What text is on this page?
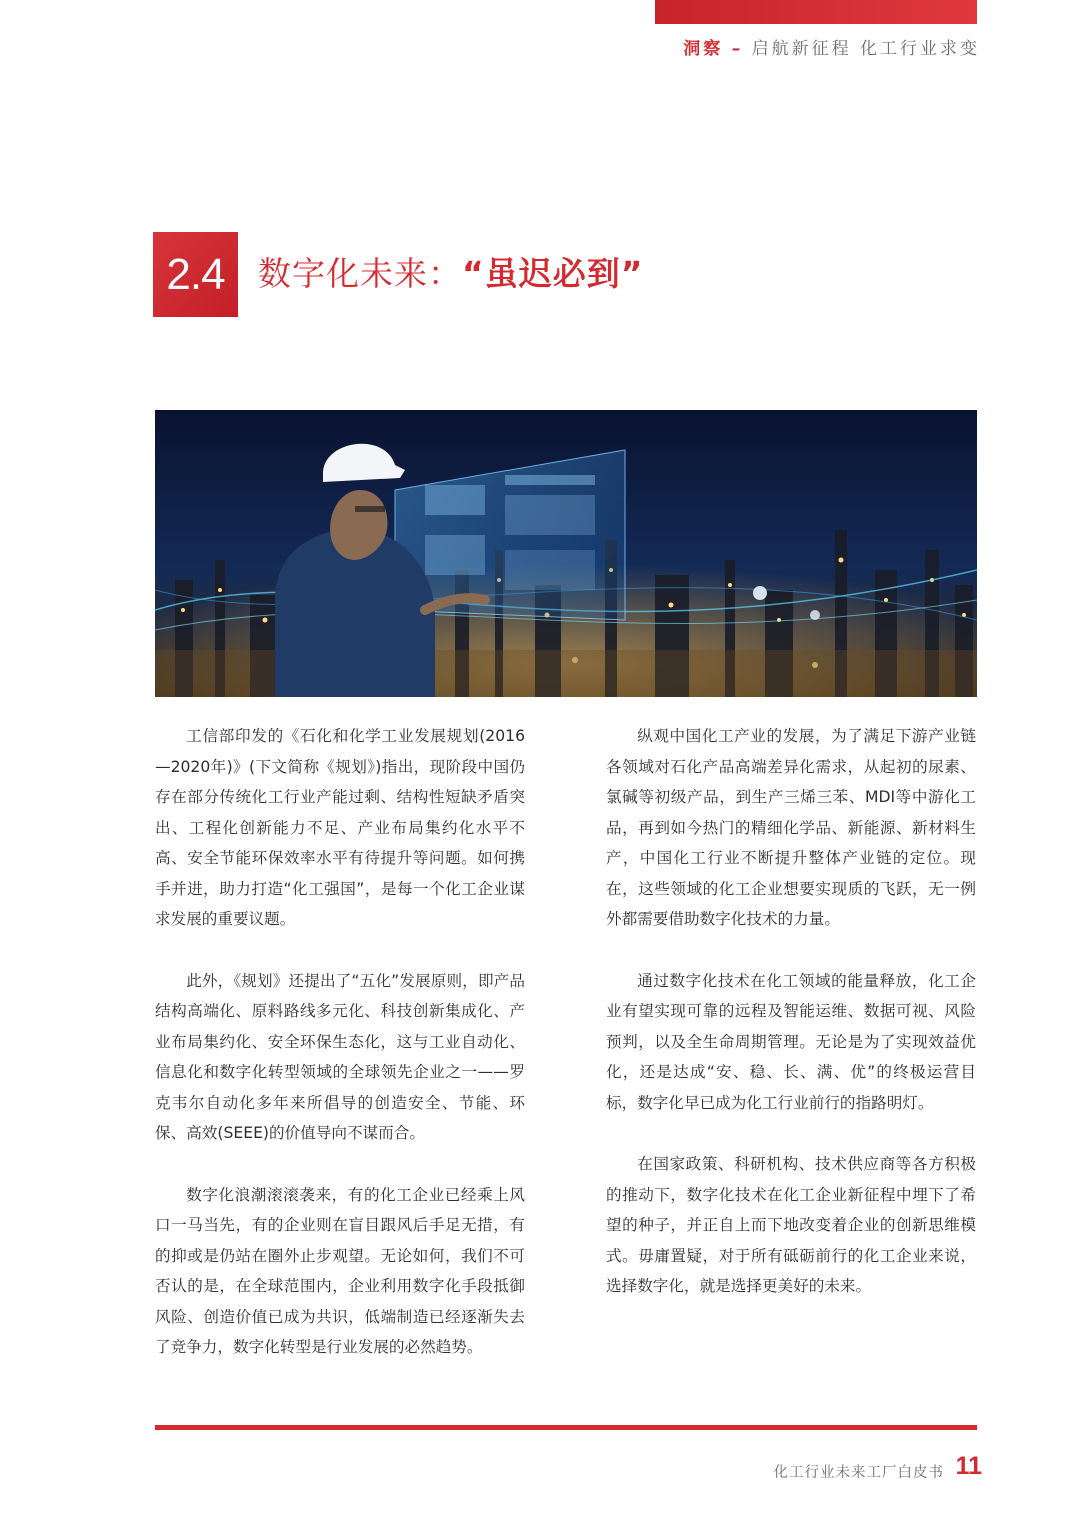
洞察 – 启航新征程 化工行业求变
2.4	数字化未来：“虽迟必到”

工信部印发的《石化和化学工业发展规划(2016—2020年)》(下文简称《规划》)指出，现阶段中国仍存在部分传统化工行业产能过剩、结构性短缺矛盾突出、工程化创新能力不足、产业布局集约化水平不高、安全节能环保效率水平有待提升等问题。如何携手并进，助力打造“化工强国”，是每一个化工企业谋求发展的重要议题。

此外，《规划》还提出了“五化”发展原则，即产品结构高端化、原料路线多元化、科技创新集成化、产业布局集约化、安全环保生态化，这与工业自动化、信息化和数字化转型领域的全球领先企业之一——罗克韦尔自动化多年来所倡导的创造安全、节能、环保、高效(SEEE)的价值导向不谋而合。

数字化浪潮滚滚袭来，有的化工企业已经乘上风口一马当先，有的企业则在盲目跟风后手足无措，有的抑或是仍站在圈外止步观望。无论如何，我们不可否认的是，在全球范围内，企业利用数字化手段抵御风险、创造价值已成为共识，低端制造已经逐渐失去了竞争力，数字化转型是行业发展的必然趋势。

纵观中国化工产业的发展，为了满足下游产业链各领域对石化产品高端差异化需求，从起初的尿素、氯碱等初级产品，到生产三烯三苯、MDI等中游化工品，再到如今热门的精细化学品、新能源、新材料生产，中国化工行业不断提升整体产业链的定位。现在，这些领域的化工企业想要实现质的飞跃，无一例外都需要借助数字化技术的力量。

通过数字化技术在化工领域的能量释放，化工企业有望实现可靠的远程及智能运维、数据可视、风险预判，以及全生命周期管理。无论是为了实现效益优化，还是达成“安、稳、长、满、优”的终极运营目标，数字化早已成为化工行业前行的指路明灯。

在国家政策、科研机构、技术供应商等各方积极的推动下，数字化技术在化工企业新征程中埋下了希望的种子，并正自上而下地改变着企业的创新思维模式。毋庸置疑，对于所有砥砺前行的化工企业来说，选择数字化，就是选择更美好的未来。

化工行业未来工厂白皮书 11
